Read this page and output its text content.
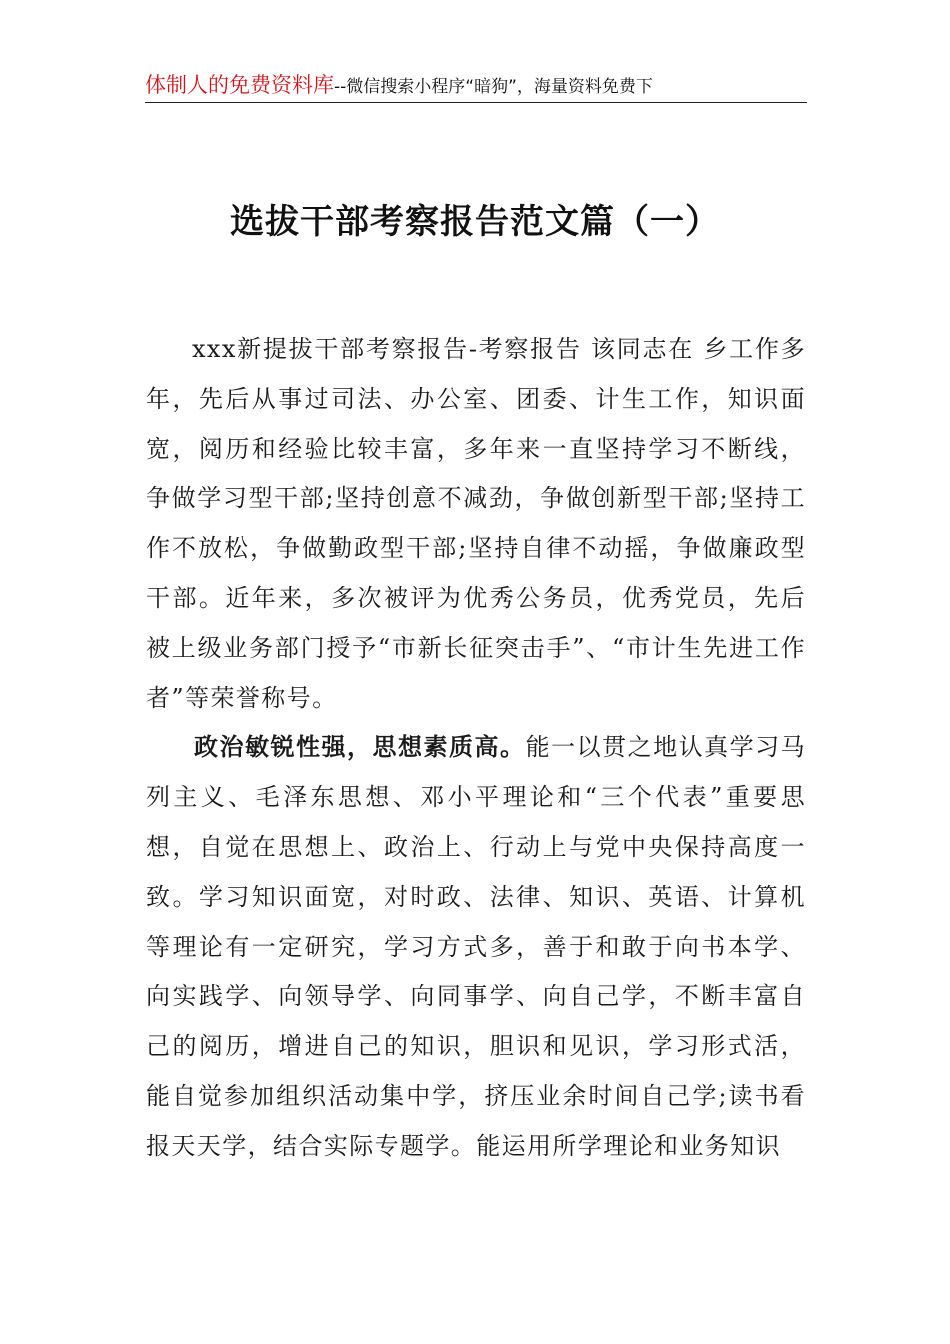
体制人的免费资料库--微信搜索小程序“暗狗”，海量资料免费下
选拔干部考察报告范文篇（一）

xxx新提拔干部考察报告-考察报告 该同志在 乡工作多年，先后从事过司法、办公室、团委、计生工作，知识面宽，阅历和经验比较丰富，多年来一直坚持学习不断线，争做学习型干部;坚持创意不减劲，争做创新型干部;坚持工作不放松，争做勤政型干部;坚持自律不动摇，争做廉政型干部。近年来，多次被评为优秀公务员，优秀党员，先后被上级业务部门授予“市新长征突击手”、“市计生先进工作者”等荣誉称号。

政治敏锐性强，思想素质高。能一以贯之地认真学习马列主义、毛泽东思想、邓小平理论和“三个代表”重要思想，自觉在思想上、政治上、行动上与党中央保持高度一致。学习知识面宽，对时政、法律、知识、英语、计算机等理论有一定研究，学习方式多，善于和敢于向书本学、向实践学、向领导学、向同事学、向自己学，不断丰富自己的阅历，增进自己的知识，胆识和见识，学习形式活，能自觉参加组织活动集中学，挤压业余时间自己学;读书看报天天学，结合实际专题学。能运用所学理论和业务知识
